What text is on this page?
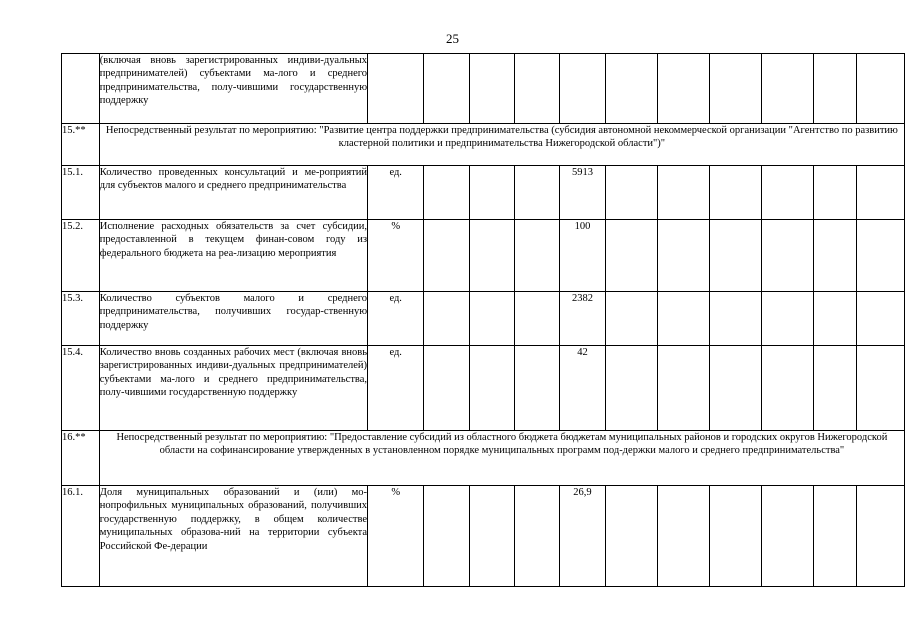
25
	(включая вновь зарегистрированных индиви-дуальных предпринимателей) субъектами ма-лого и среднего предпринимательства, полу-чившими государственную поддержку											
15.**	Непосредственный результат по мероприятию: "Развитие центра поддержки предпринимательства (субсидия автономной некоммерческой организации "Агентство по развитию кластерной политики и предпринимательства Нижегородской области")"											
15.1.	Количество проведенных консультаций и ме-роприятий для субъектов малого и среднего предпринимательства	ед.				5913						
15.2.	Исполнение расходных обязательств за счет субсидии, предоставленной в текущем финан-совом году из федерального бюджета на реа-лизацию мероприятия	%				100						
15.3.	Количество субъектов малого и среднего предпринимательства, получивших государ-ственную поддержку	ед.				2382						
15.4.	Количество вновь созданных рабочих мест (включая вновь зарегистрированных индиви-дуальных предпринимателей) субъектами ма-лого и среднего предпринимательства, полу-чившими государственную поддержку	ед.				42						
16.**	Непосредственный результат по мероприятию: "Предоставление субсидий из областного бюджета бюджетам муниципальных районов и городских округов Нижегородской области на софинансирование утвержденных в установленном порядке муниципальных программ под-держки малого и среднего предпринимательства"											
16.1.	Доля муниципальных образований и (или) мо-нопрофильных муниципальных образований, получивших государственную поддержку, в общем количестве муниципальных образова-ний на территории субъекта Российской Фе-дерации	%				26,9						
